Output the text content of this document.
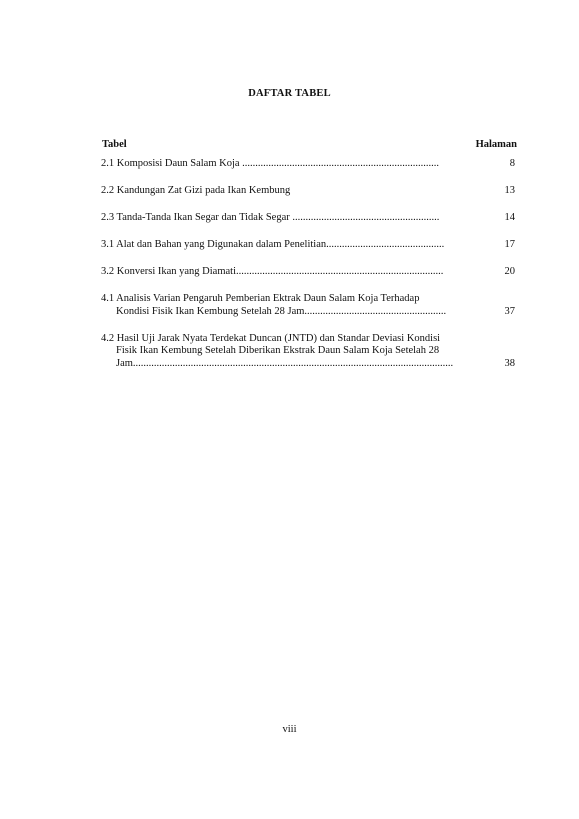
DAFTAR TABEL
Tabel	Halaman
2.1 Komposisi Daun Salam Koja ...........................................................................	8
2.2 Kandungan Zat Gizi pada Ikan Kembung	13
2.3 Tanda-Tanda Ikan Segar dan Tidak Segar ........................................................	14
3.1 Alat dan Bahan yang Digunakan dalam Penelitian.............................................	17
3.2 Konversi Ikan yang Diamati...............................................................................	20
4.1 Analisis Varian Pengaruh Pemberian Ektrak Daun Salam Koja Terhadap
Kondisi Fisik Ikan Kembung Setelah 28 Jam......................................................	37
4.2 Hasil Uji Jarak Nyata Terdekat Duncan (JNTD) dan Standar Deviasi Kondisi
Fisik Ikan Kembung Setelah Diberikan Ekstrak Daun Salam Koja Setelah 28
Jam..........................................................................................................................	38
viii
